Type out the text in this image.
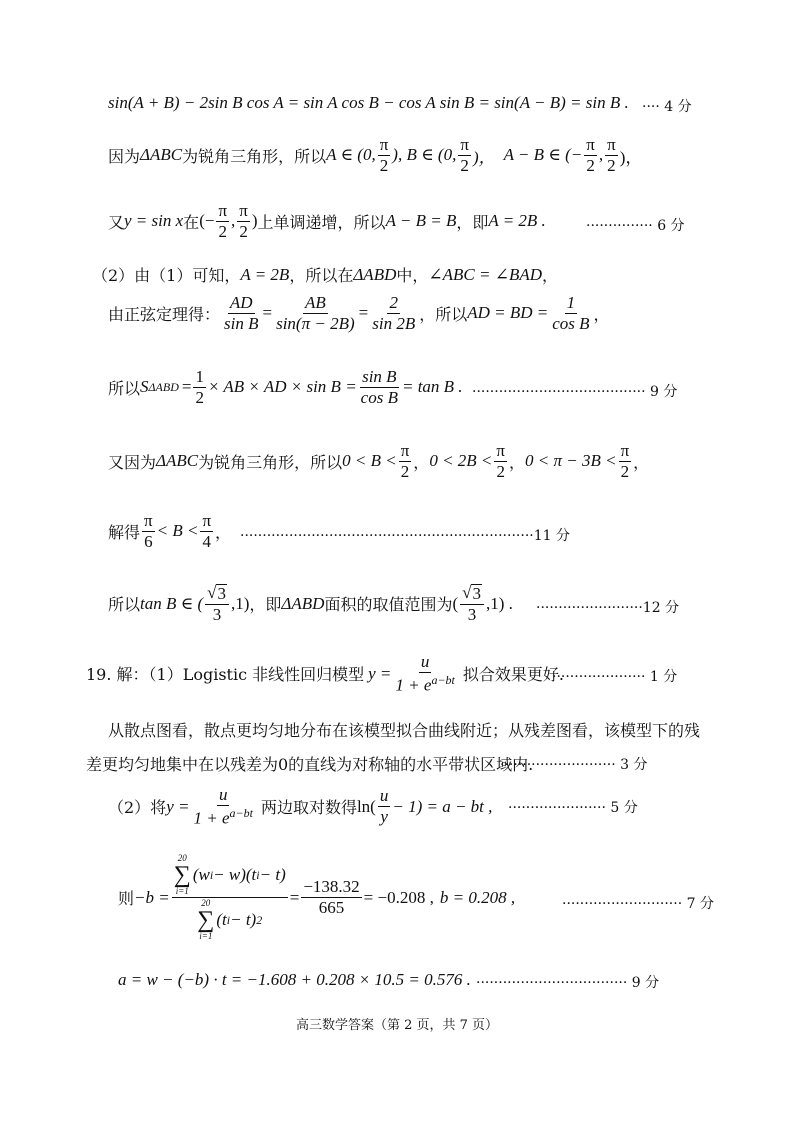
sin(A + B) − 2sin B cos A = sin A cos B − cos A sin B = sin(A − B) = sin B . ···· 4 分
因为 ΔABC 为锐角三角形，所以 A ∈ (0, $\frac{\pi}{2}$ ), B ∈ (0, $\frac{\pi}{2}$ )， A − B ∈ (− $\frac{\pi}{2}$ , $\frac{\pi}{2}$ )，
又 y = sin x 在 (− $\frac{\pi}{2}$ , $\frac{\pi}{2}$ ) 上单调递增，所以 A − B = B ，即 A = 2B .	··············· 6 分
（2）由（1）可知， A = 2B ，所以在 ΔABD 中， ∠ABC = ∠BAD ，
由正弦定理得： $\frac{AD}{\text{sin B}} = \frac{AB}{\sin(\pi - 2B)} = \frac{2}{\sin 2B}$ ，所以 AD = BD = $\frac{1}{\text{cos B}}$ ，
所以 S $\Delta ABD = \frac{1}{2}$ × AB × AD × $\sin B = \frac{\text{sin B}}{\text{cos B}} = \tan B$ . ······································· 9 分
又因为 ΔABC 为锐角三角形，所以 $0 < B < \frac{\pi}{2}$ ， $0 < 2B < \frac{\pi}{2}$ ， $0 < \pi - 3B < \frac{\pi}{2}$ ，
解得 $\frac{\pi}{6} < B < \frac{\pi}{4}$ ， ··································································11 分
所以 tan B ∈ ( $\frac{√ 3}{3} ,1$) ，即 ΔABD 面积的取值范围为 ( $\frac{√ 3}{3} ,1$) . ························12 分
19. 解：（1）Logistic 非线性回归模型 $y = \frac{u}{1 + e^{a-bt}}$ 拟合效果更好.
····················· 1 分
从散点图看，散点更均匀地分布在该模型拟合曲线附近；从残差图看，该模型下的残
差更均匀地集中在以残差为0的直线为对称轴的水平带状区域内.
·························· 3 分
（2）将 $y = \frac{u}{1 + e^{a-bt}}$ 两边取对数得 $\ln( \frac{u}{y} - 1) = a$ − bt , ······················ 5 分
则 −b = 20
∑
i=1
(w i − w)(t i − t)
20
∑
i=1
(t i − t) $2 = \frac{-138.32}{665} = -0.208$ , b = 0.208 ,	··························· 7 分
a = w − (−b) · t = −1.608 + 0.208 × 10.5 = 0.576 . ·································· 9 分
高三数学答案（第 2 页，共 7 页）
